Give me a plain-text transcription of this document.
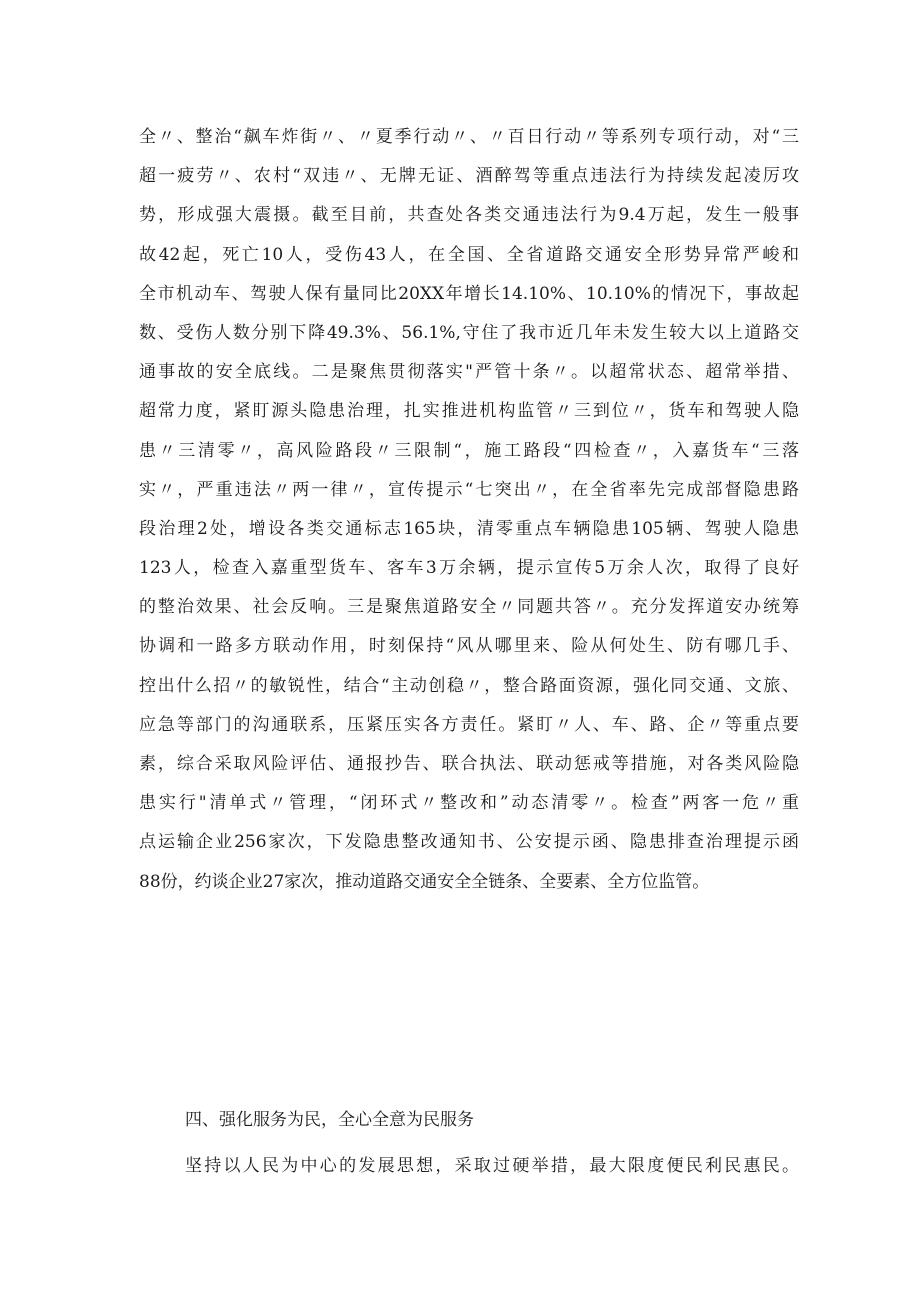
全〃、整治“飙车炸街〃、〃夏季行动〃、〃百日行动〃等系列专项行动，对“三
超一疲劳〃、农村“双违〃、无牌无证、酒醉驾等重点违法行为持续发起凌厉攻
势，形成强大震摄。截至目前，共查处各类交通违法行为9.4万起，发生一般事
故42起，死亡10人，受伤43人，在全国、全省道路交通安全形势异常严峻和
全市机动车、驾驶人保有量同比20XX年增长14.10%、10.10%的情况下，事故起
数、受伤人数分别下降49.3%、56.1%,守住了我市近几年未发生较大以上道路交
通事故的安全底线。二是聚焦贯彻落实"严管十条〃。以超常状态、超常举措、
超常力度，紧盯源头隐患治理，扎实推进机构监管〃三到位〃，货车和驾驶人隐
患〃三清零〃，高风险路段〃三限制“，施工路段“四检查〃，入嘉货车“三落
实〃，严重违法〃两一律〃，宣传提示“七突出〃，在全省率先完成部督隐患路
段治理2处，增设各类交通标志165块，清零重点车辆隐患105辆、驾驶人隐患
123人，检查入嘉重型货车、客车3万余辆，提示宣传5万余人次，取得了良好
的整治效果、社会反响。三是聚焦道路安全〃同题共答〃。充分发挥道安办统筹
协调和一路多方联动作用，时刻保持“风从哪里来、险从何处生、防有哪几手、
控出什么招〃的敏锐性，结合“主动创稳〃，整合路面资源，强化同交通、文旅、
应急等部门的沟通联系，压紧压实各方责任。紧盯〃人、车、路、企〃等重点要
素，综合采取风险评估、通报抄告、联合执法、联动惩戒等措施，对各类风险隐
患实行"清单式〃管理，“闭环式〃整改和”动态清零〃。检查”两客一危〃重
点运输企业256家次，下发隐患整改通知书、公安提示函、隐患排查治理提示函
88份，约谈企业27家次，推动道路交通安全全链条、全要素、全方位监管。
四、强化服务为民，全心全意为民服务
坚持以人民为中心的发展思想，采取过硬举措，最大限度便民利民惠民。
